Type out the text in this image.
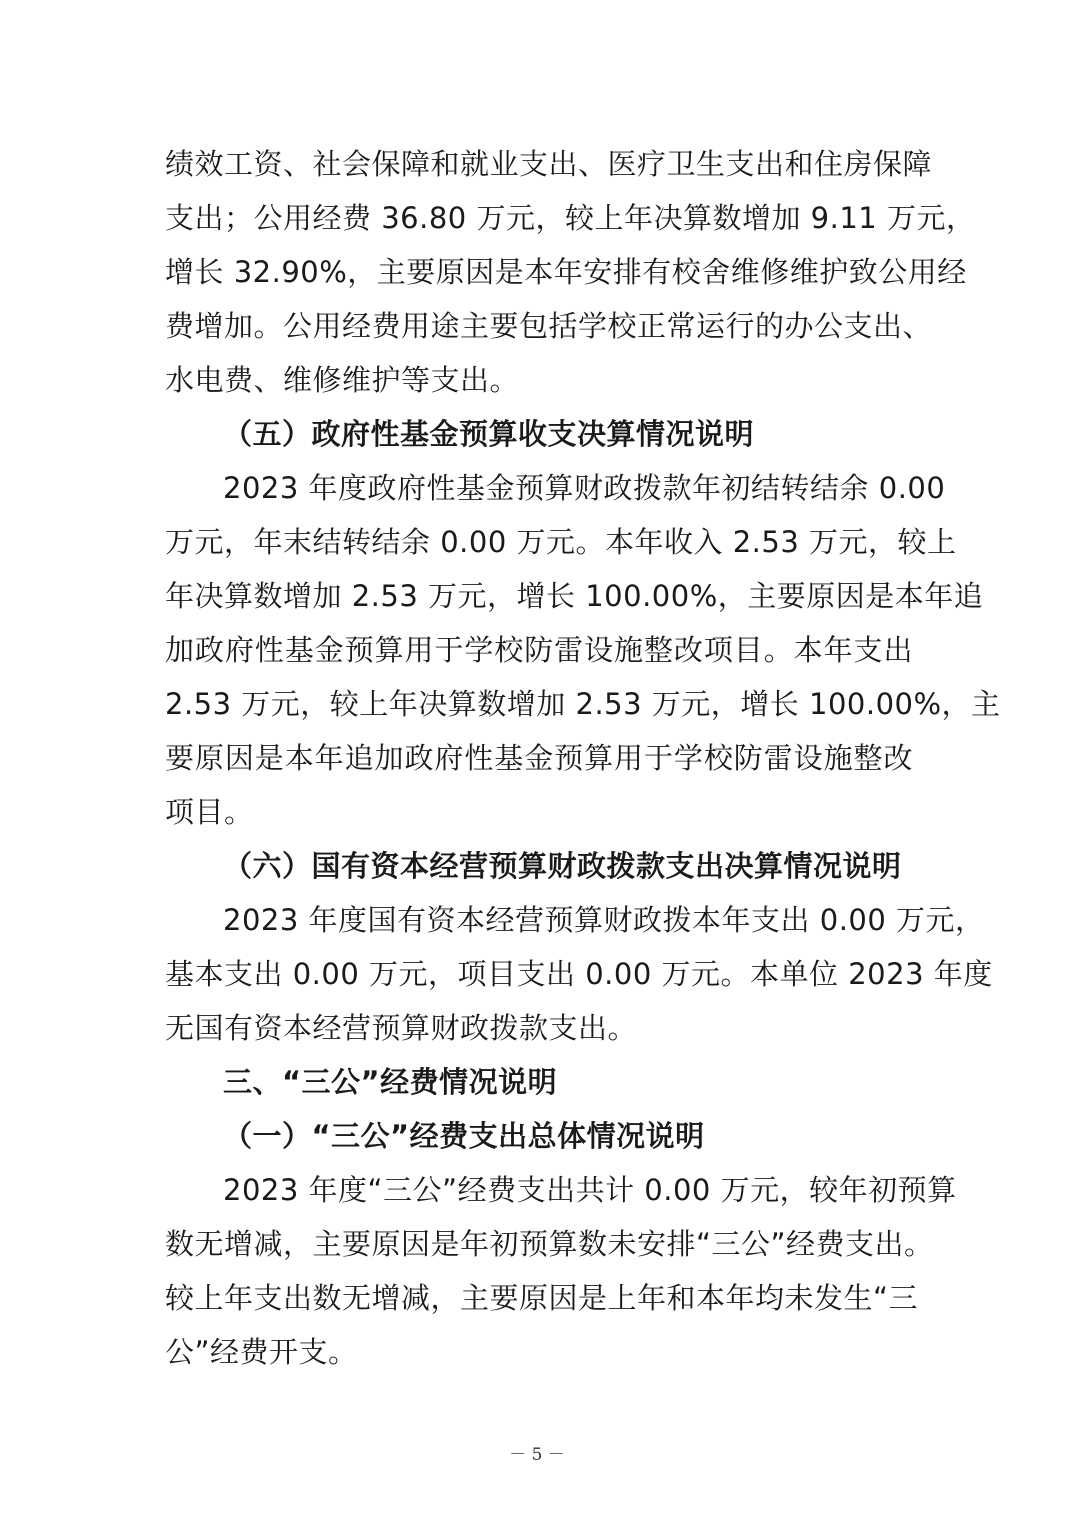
绩效工资、社会保障和就业支出、医疗卫生支出和住房保障
支出；公用经费 36.80 万元，较上年决算数增加 9.11 万元，
增长 32.90%，主要原因是本年安排有校舍维修维护致公用经
费增加。公用经费用途主要包括学校正常运行的办公支出、
水电费、维修维护等支出。
（五）政府性基金预算收支决算情况说明
2023 年度政府性基金预算财政拨款年初结转结余 0.00
万元，年末结转结余 0.00 万元。本年收入 2.53 万元，较上
年决算数增加 2.53 万元，增长 100.00%，主要原因是本年追
加政府性基金预算用于学校防雷设施整改项目。本年支出
2.53 万元，较上年决算数增加 2.53 万元，增长 100.00%，主
要原因是本年追加政府性基金预算用于学校防雷设施整改
项目。
（六）国有资本经营预算财政拨款支出决算情况说明
2023 年度国有资本经营预算财政拨本年支出 0.00 万元，
基本支出 0.00 万元，项目支出 0.00 万元。本单位 2023 年度
无国有资本经营预算财政拨款支出。
三、“三公”经费情况说明
（一）“三公”经费支出总体情况说明
2023 年度“三公”经费支出共计 0.00 万元，较年初预算
数无增减，主要原因是年初预算数未安排“三公”经费支出。
较上年支出数无增减，主要原因是上年和本年均未发生“三
公”经费开支。
－ 5 －
